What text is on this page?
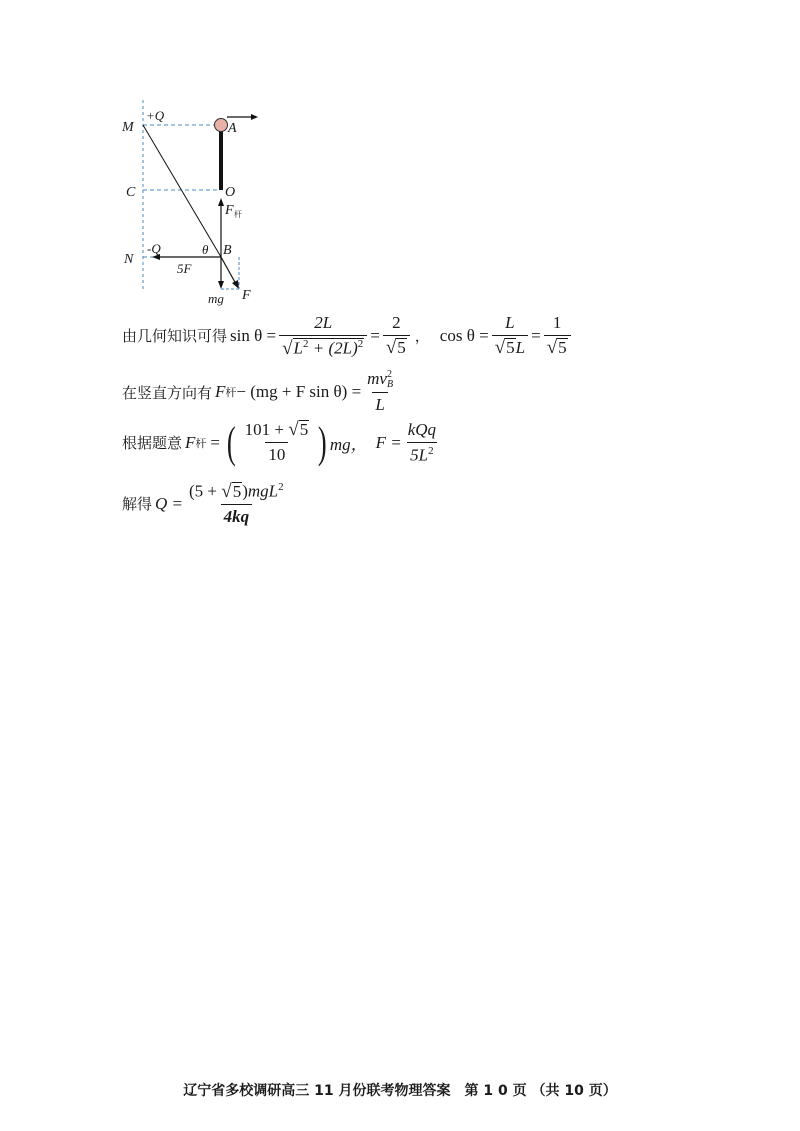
M
+Q
A
C	O
F 杆
N
-Q	θ B
5F
mg F
由几何知识可得 $\sin \theta = \frac{2L}{√ L^2 + (2L)^2} = \frac{2}{√ 5}$ ， $\cos \theta = \frac{L}{√ 5 L} = \frac{1}{√ 5}$
在竖直方向有 F 杆 − (mg + F sin θ) = mv 2
B
L
根据题意 F 杆 = ( $\frac{101 + √ 5}{10}$ ) mg， $F = \frac{\text{kQq}}{5L^2}$
解得 $Q = \frac{(5 + √ 5 )mgL^2}{4kq}$
辽宁省多校调研高三 11 月份联考物理答案　第 1 0 页 （共 10 页）
